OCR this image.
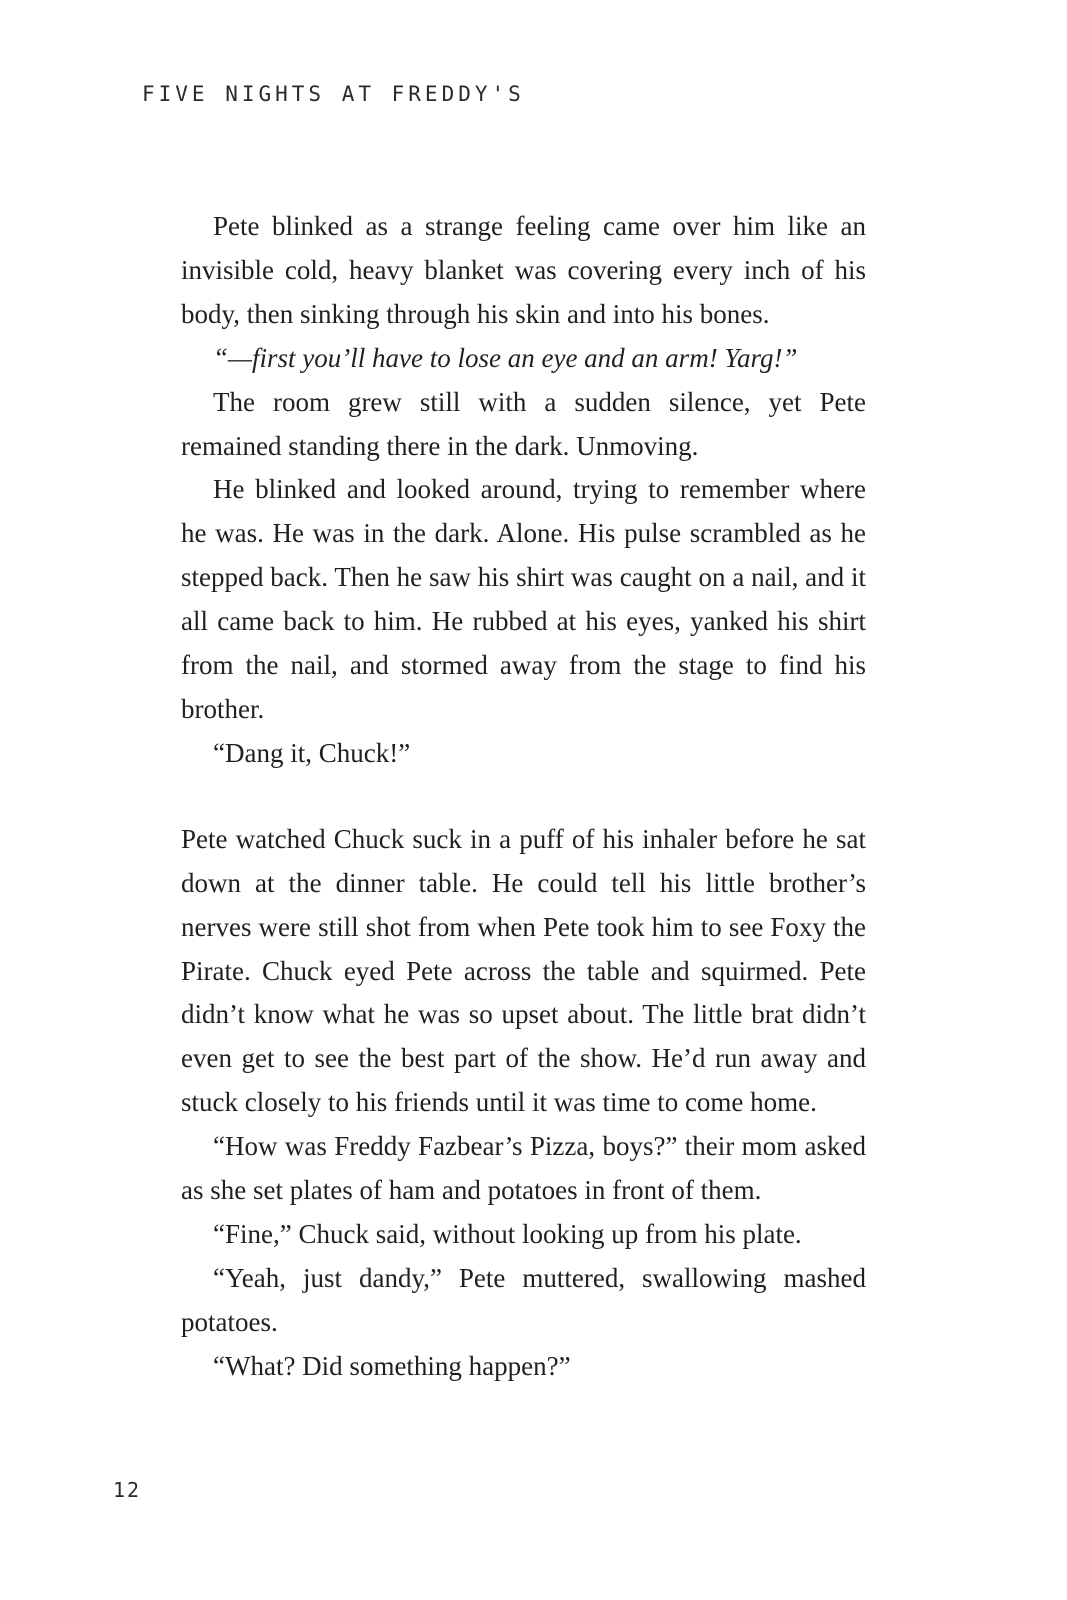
FIVE NIGHTS AT FREDDY'S

Pete blinked as a strange feeling came over him like an invisible cold, heavy blanket was covering every inch of his body, then sinking through his skin and into his bones.

“—first you’ll have to lose an eye and an arm! Yarg!”

The room grew still with a sudden silence, yet Pete remained standing there in the dark. Unmoving.

He blinked and looked around, trying to remember where he was. He was in the dark. Alone. His pulse scrambled as he stepped back. Then he saw his shirt was caught on a nail, and it all came back to him. He rubbed at his eyes, yanked his shirt from the nail, and stormed away from the stage to find his brother.

“Dang it, Chuck!”

Pete watched Chuck suck in a puff of his inhaler before he sat down at the dinner table. He could tell his little brother’s nerves were still shot from when Pete took him to see Foxy the Pirate. Chuck eyed Pete across the table and squirmed. Pete didn’t know what he was so upset about. The little brat didn’t even get to see the best part of the show. He’d run away and stuck closely to his friends until it was time to come home.

“How was Freddy Fazbear’s Pizza, boys?” their mom asked as she set plates of ham and potatoes in front of them.

“Fine,” Chuck said, without looking up from his plate.

“Yeah, just dandy,” Pete muttered, swallowing mashed potatoes.

“What? Did something happen?”

12
